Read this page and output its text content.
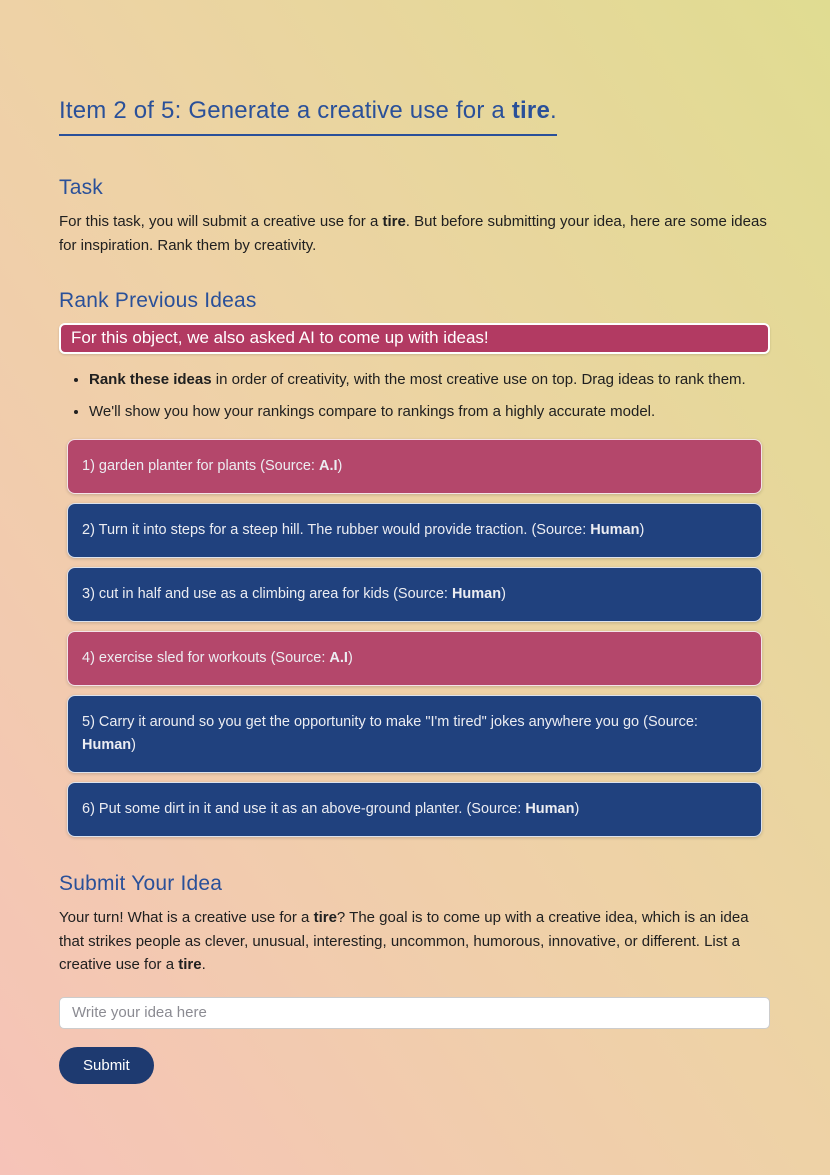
Item 2 of 5: Generate a creative use for a tire.
Task

For this task, you will submit a creative use for a tire. But before submitting your idea, here are some ideas for inspiration. Rank them by creativity.

Rank Previous Ideas
For this object, we also asked AI to come up with ideas!
• Rank these ideas in order of creativity, with the most creative use on top. Drag ideas to rank them.
• We'll show you how your rankings compare to rankings from a highly accurate model.
1) garden planter for plants (Source: A.I)
2) Turn it into steps for a steep hill. The rubber would provide traction. (Source: Human)
3) cut in half and use as a climbing area for kids (Source: Human)
4) exercise sled for workouts (Source: A.I)
5) Carry it around so you get the opportunity to make "I'm tired" jokes anywhere you go (Source: Human)
6) Put some dirt in it and use it as an above-ground planter. (Source: Human)
Submit Your Idea

Your turn! What is a creative use for a tire? The goal is to come up with a creative idea, which is an idea that strikes people as clever, unusual, interesting, uncommon, humorous, innovative, or different. List a creative use for a tire.

Write your idea here Submit
